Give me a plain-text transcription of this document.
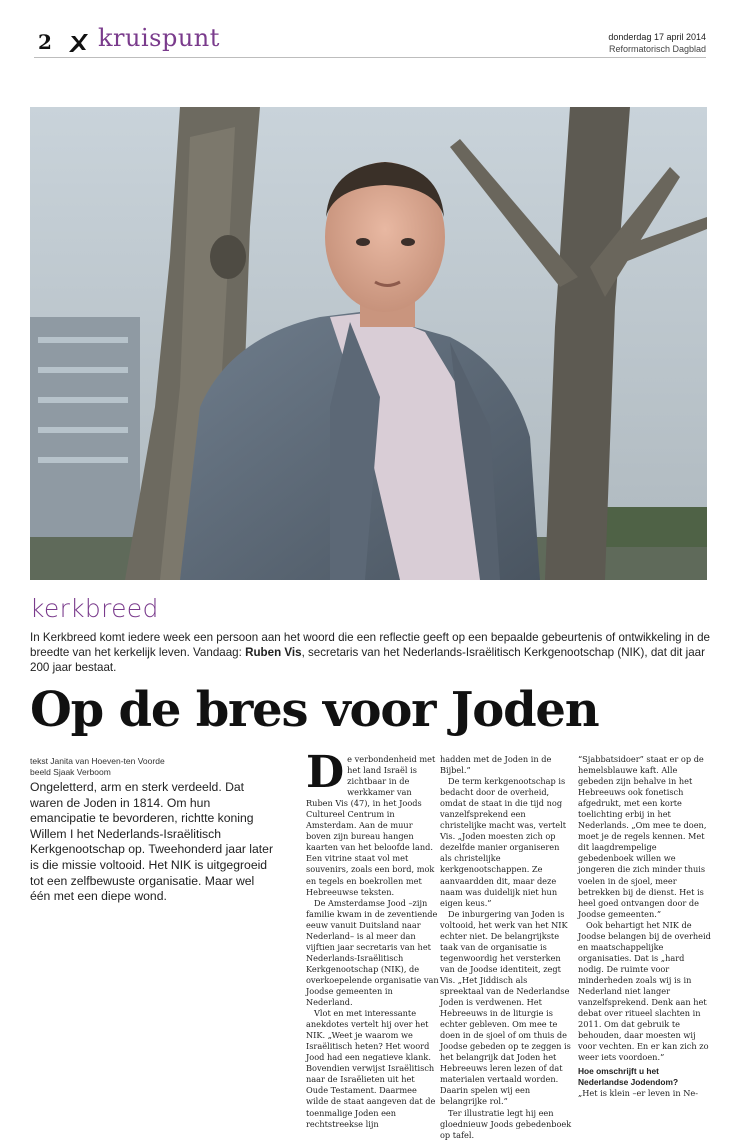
2 kruispunt	donderdag 17 april 2014
Reformatorisch Dagblad
kerkbreed
In Kerkbreed komt iedere week een persoon aan het woord die een reflectie geeft op een bepaalde gebeurtenis of ontwikkeling in de breedte van het kerkelijk leven. Vandaag: Ruben Vis, secretaris van het Nederlands-Israëlitisch Kerkgenootschap (NIK), dat dit jaar 200 jaar bestaat.
Op de bres voor Joden
tekst Janita van Hoeven-ten Voorde
beeld Sjaak Verboom
Ongeletterd, arm en sterk verdeeld. Dat waren de Joden in 1814. Om hun emancipatie te bevorderen, richtte koning Willem I het Nederlands-Israëlitisch Kerkgenootschap op. Tweehonderd jaar later is die missie voltooid. Het NIK is uitgegroeid tot een zelfbewuste organisatie. Maar wel één met een diepe wond.

De verbondenheid met het land Israël is zichtbaar in de werkkamer van Ruben Vis (47), in het Joods Cultureel Centrum in Amsterdam. Aan de muur boven zijn bureau hangen kaarten van het beloofde land. Een vitrine staat vol met souvenirs, zoals een bord, mok en tegels en boekrollen met Hebreeuwse teksten.

De Amsterdamse Jood –zijn familie kwam in de zeventiende eeuw vanuit Duitsland naar Nederland– is al meer dan vijftien jaar secretaris van het Nederlands-Israëlitisch Kerkgenootschap (NIK), de overkoepelende organisatie van Joodse gemeenten in Nederland.

Vlot en met interessante anekdotes vertelt hij over het NIK. „Weet je waarom we Israëlitisch heten? Het woord Jood had een negatieve klank. Bovendien verwijst Israëlitisch naar de Israëlieten uit het Oude Testament. Daarmee wilde de staat aangeven dat de toenmalige Joden een rechtstreekse lijn

hadden met de Joden in de Bijbel.”

De term kerkgenootschap is bedacht door de overheid, omdat de staat in die tijd nog vanzelfsprekend een christelijke macht was, vertelt Vis. „Joden moesten zich op dezelfde manier organiseren als christelijke kerkgenootschappen. Ze aanvaardden dit, maar deze naam was duidelijk niet hun eigen keus.”

De inburgering van Joden is voltooid, het werk van het NIK echter niet. De belangrijkste taak van de organisatie is tegenwoordig het versterken van de Joodse identiteit, zegt Vis. „Het Jiddisch als spreektaal van de Nederlandse Joden is verdwenen. Het Hebreeuws in de liturgie is echter gebleven. Om mee te doen in de sjoel of om thuis de Joodse gebeden op te zeggen is het belangrijk dat Joden het Hebreeuws leren lezen of dat materialen vertaald worden. Daarin spelen wij een belangrijke rol.”

Ter illustratie legt hij een gloednieuw Joods gebedenboek op tafel.

“Sjabbatsidoer” staat er op de hemelsblauwe kaft. Alle gebeden zijn behalve in het Hebreeuws ook fonetisch afgedrukt, met een korte toelichting erbij in het Nederlands. „Om mee te doen, moet je de regels kennen. Met dit laagdrempelige gebedenboek willen we jongeren die zich minder thuis voelen in de sjoel, meer betrekken bij de dienst. Het is heel goed ontvangen door de Joodse gemeenten.”

Ook behartigt het NIK de Joodse belangen bij de overheid en maatschappelijke organisaties. Dat is „hard nodig. De ruimte voor minderheden zoals wij is in Nederland niet langer vanzelfsprekend. Denk aan het debat over ritueel slachten in 2011. Om dat gebruik te behouden, daar moesten wij voor vechten. En er kan zich zo weer iets voordoen.”

Hoe omschrijft u het Nederlandse Jodendom?

„Het is klein –er leven in Ne-
